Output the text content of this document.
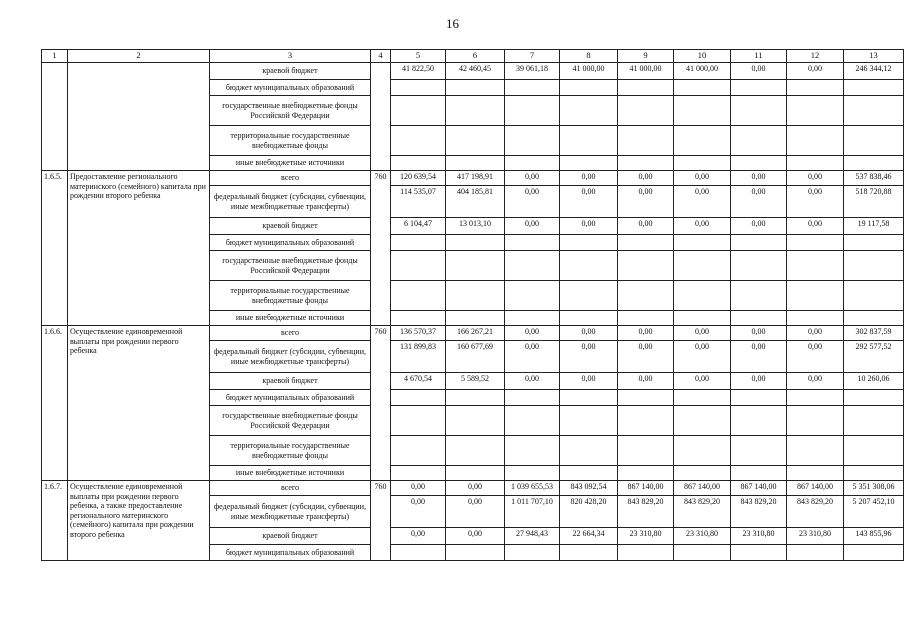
16
1	2	3	4	5	6	7	8	9	10	11	12	13
		краевой бюджет		41 822,50	42 460,45	39 061,18	41 000,00	41 000,00	41 000,00	0,00	0,00	246 344,12
		бюджет муниципальных образований										
		государственные внебюджетные фонды Российской Федерации										
		территориальные государственные внебюджетные фонды										
		иные внебюджетные источники										
1.6.5.	Предоставление регионального материнского (семейного) капитала при рождении второго ребенка	всего	760	120 639,54	417 198,91	0,00	0,00	0,00	0,00	0,00	0,00	537 838,46
		федеральный бюджет (субсидии, субвенции, иные межбюджетные трансферты)		114 535,07	404 185,81	0,00	0,00	0,00	0,00	0,00	0,00	518 720,88
		краевой бюджет		6 104,47	13 013,10	0,00	0,00	0,00	0,00	0,00	0,00	19 117,58
		бюджет муниципальных образований										
		государственные внебюджетные фонды Российской Федерации										
		территориальные государственные внебюджетные фонды										
		иные внебюджетные источники										
1.6.6.	Осуществление единовременной выплаты при рождении первого ребенка	всего	760	136 570,37	166 267,21	0,00	0,00	0,00	0,00	0,00	0,00	302 837,59
		федеральный бюджет (субсидии, субвенции, иные межбюджетные трансферты)		131 899,83	160 677,69	0,00	0,00	0,00	0,00	0,00	0,00	292 577,52
		краевой бюджет		4 670,54	5 589,52	0,00	0,00	0,00	0,00	0,00	0,00	10 260,06
		бюджет муниципальных образований										
		государственные внебюджетные фонды Российской Федерации										
		территориальные государственные внебюджетные фонды										
		иные внебюджетные источники										
1.6.7.	Осуществление единовременной выплаты при рождении первого ребенка, а также предоставление регионального материнского (семейного) капитала при рождении второго ребенка	всего	760	0,00	0,00	1 039 655,53	843 092,54	867 140,00	867 140,00	867 140,00	867 140,00	5 351 308,06
		федеральный бюджет (субсидии, субвенции, иные межбюджетные трансферты)		0,00	0,00	1 011 707,10	820 428,20	843 829,20	843 829,20	843 829,20	843 829,20	5 207 452,10
		краевой бюджет		0,00	0,00	27 948,43	22 664,34	23 310,80	23 310,80	23 310,80	23 310,80	143 855,96
		бюджет муниципальных образований										
